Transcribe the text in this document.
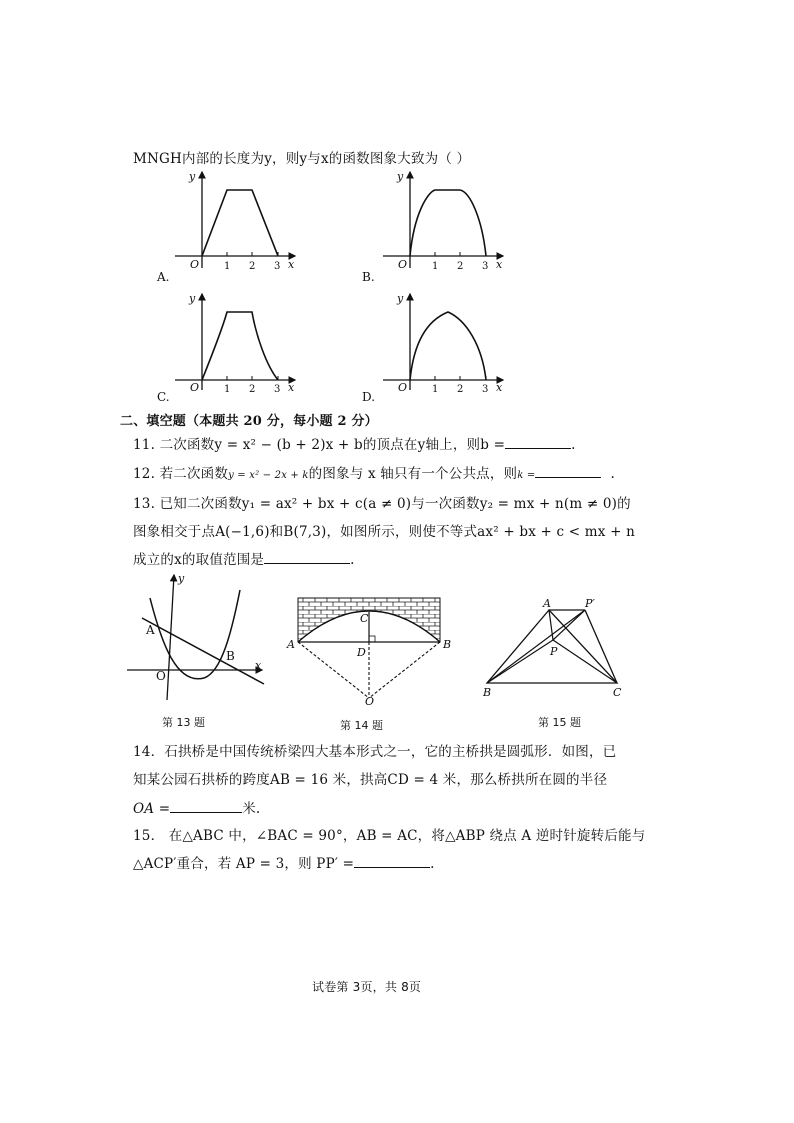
MNGH内部的长度为y，则y与x的函数图象大致为（ ）
y
x
O 1 2 3
A.
y
x
O 1 2 3
B.
y
x
O 1 2 3
C.
y
x
O 1 2 3
D.
二、填空题（本题共 20 分，每小题 2 分）
11. 二次函数y = x² − (b + 2)x + b的顶点在y轴上，则b =	.
12. 若二次函数y = x² − 2x + k的图象与 x 轴只有一个公共点，则k =	.
13. 已知二次函数y₁ = ax² + bx + c(a ≠ 0)与一次函数y₂ = mx + n(m ≠ 0)的
图象相交于点A(−1,6)和B(7,3)，如图所示，则使不等式ax² + bx + c < mx + n
成立的x的取值范围是	.
y
x
A
B
O
第 13 题
A	B
C
D
O
第 14 题
A	P′
P
B	C
第 15 题
14．石拱桥是中国传统桥梁四大基本形式之一，它的主桥拱是圆弧形．如图，已
知某公园石拱桥的跨度AB = 16 米，拱高CD = 4 米，那么桥拱所在圆的半径
OA =	米.
15． 在△ABC 中，∠BAC = 90°，AB = AC，将△ABP 绕点 A 逆时针旋转后能与
△ACP′重合，若 AP = 3，则 PP′ =	.
试卷第 3页，共 8页
